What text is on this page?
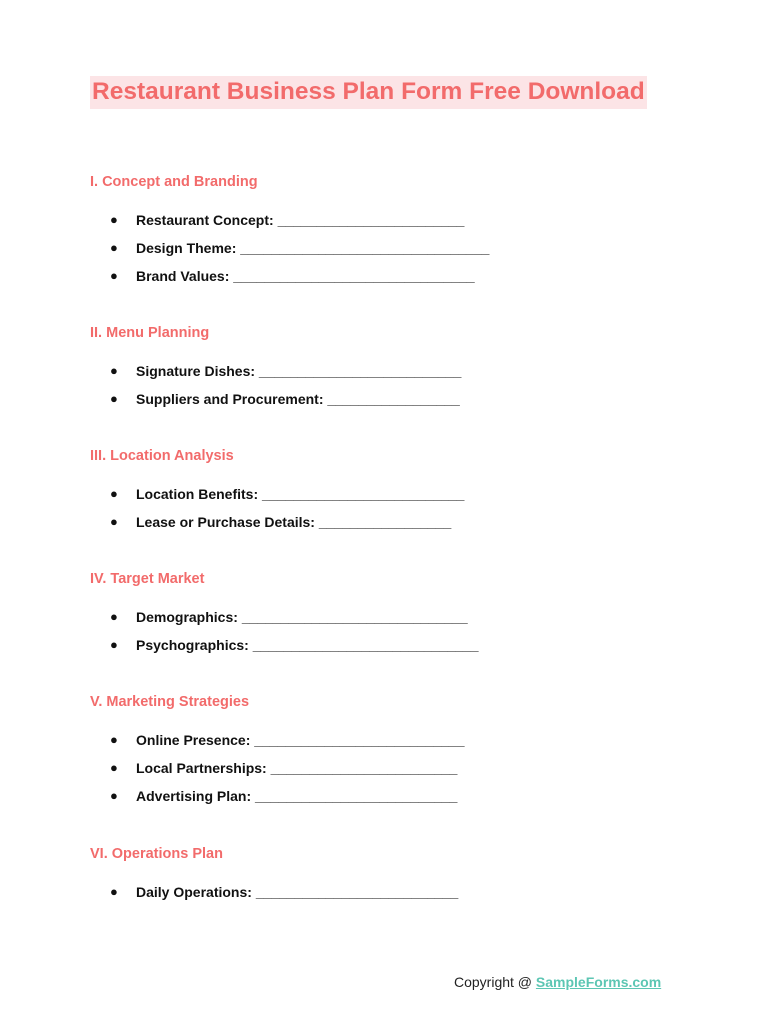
Restaurant Business Plan Form Free Download
I. Concept and Branding
● Restaurant Concept: ________________________
● Design Theme: ________________________________
● Brand Values: _______________________________
II. Menu Planning
● Signature Dishes: __________________________
● Suppliers and Procurement: _________________
III. Location Analysis
● Location Benefits: __________________________
● Lease or Purchase Details: _________________
IV. Target Market
● Demographics: _____________________________
● Psychographics: _____________________________
V. Marketing Strategies
● Online Presence: ___________________________
● Local Partnerships: ________________________
● Advertising Plan: __________________________
VI. Operations Plan
● Daily Operations: __________________________
Copyright @ SampleForms.com
